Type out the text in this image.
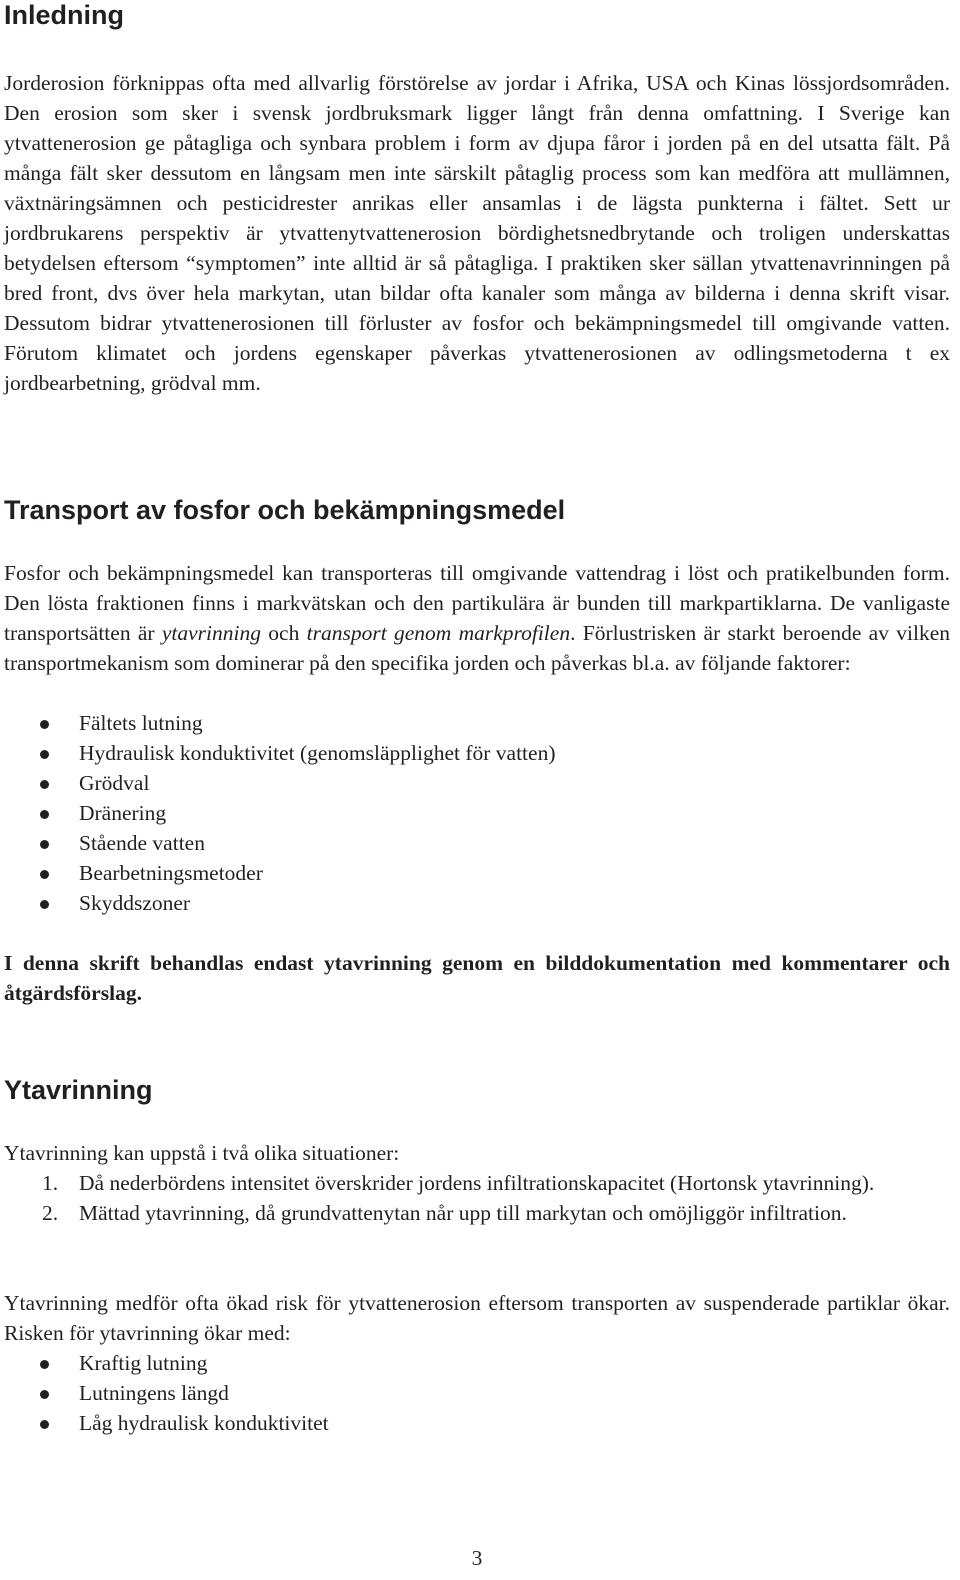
Inledning

Jorderosion förknippas ofta med allvarlig förstörelse av jordar i Afrika, USA och Kinas lössjordsområden. Den erosion som sker i svensk jordbruksmark ligger långt från denna omfattning. I Sverige kan ytvattenerosion ge påtagliga och synbara problem i form av djupa fåror i jorden på en del utsatta fält. På många fält sker dessutom en långsam men inte särskilt påtaglig process som kan medföra att mullämnen, växtnäringsämnen och pesticidrester anrikas eller ansamlas i de lägsta punkterna i fältet. Sett ur jordbrukarens perspektiv är ytvattenytvattenerosion bördighetsnedbrytande och troligen underskattas betydelsen eftersom “symptomen” inte alltid är så påtagliga. I praktiken sker sällan ytvattenavrinningen på bred front, dvs över hela markytan, utan bildar ofta kanaler som många av bilderna i denna skrift visar. Dessutom bidrar ytvattenerosionen till förluster av fosfor och bekämpningsmedel till omgivande vatten. Förutom klimatet och jordens egenskaper påverkas ytvattenerosionen av odlingsmetoderna t ex jordbearbetning, grödval mm.

Transport av fosfor och bekämpningsmedel

Fosfor och bekämpningsmedel kan transporteras till omgivande vattendrag i löst och pratikelbunden form. Den lösta fraktionen finns i markvätskan och den partikulära är bunden till markpartiklarna. De vanligaste transportsätten är ytavrinning och transport genom markprofilen. Förlustrisken är starkt beroende av vilken transportmekanism som dominerar på den specifika jorden och påverkas bl.a. av följande faktorer:

Fältets lutning
Hydraulisk konduktivitet (genomsläpplighet för vatten)
Grödval
Dränering
Stående vatten
Bearbetningsmetoder
Skyddszoner

I denna skrift behandlas endast ytavrinning genom en bilddokumentation med kommentarer och åtgärdsförslag.

Ytavrinning

Ytavrinning kan uppstå i två olika situationer:

1. Då nederbördens intensitet överskrider jordens infiltrationskapacitet (Hortonsk ytavrinning).
2. Mättad ytavrinning, då grundvattenytan når upp till markytan och omöjliggör infiltration.

Ytavrinning medför ofta ökad risk för ytvattenerosion eftersom transporten av suspenderade partiklar ökar. Risken för ytavrinning ökar med:

Kraftig lutning
Lutningens längd
Låg hydraulisk konduktivitet
3
